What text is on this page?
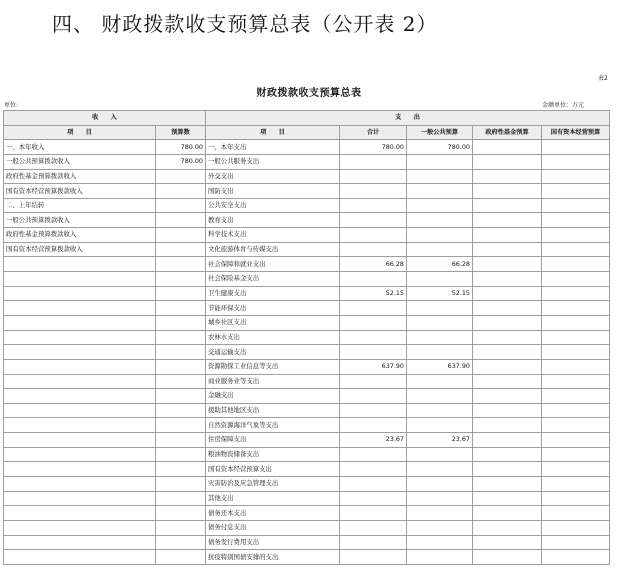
四、 财政拨款收支预算总表（公开表 2）
表2
财政拨款收支预算总表
单位:	金额单位：万元
收　　入		支　　出				
项　　目	预算数	项　　目	合计	一般公共预算	政府性基金预算	国有资本经营预算
一、本年收入	780.00	一、本年支出	780.00	780.00		
一般公共预算拨款收入	780.00	一般公共服务支出				
政府性基金预算拨款收入		外交支出				
国有资本经营预算拨款收入		国防支出				
二、上年结转		公共安全支出				
一般公共预算拨款收入		教育支出				
政府性基金预算拨款收入		科学技术支出				
国有资本经营预算拨款收入		文化旅游体育与传媒支出				
		社会保障和就业支出	66.28	66.28		
		社会保险基金支出				
		卫生健康支出	52.15	52.15		
		节能环保支出				
		城乡社区支出				
		农林水支出				
		交通运输支出				
		资源勘探工业信息等支出	637.90	637.90		
		商业服务业等支出				
		金融支出				
		援助其他地区支出				
		自然资源海洋气象等支出				
		住房保障支出	23.67	23.67		
		粮油物资储备支出				
		国有资本经营预算支出				
		灾害防治及应急管理支出				
		其他支出				
		债务还本支出				
		债务付息支出				
		债务发行费用支出				
		抗疫特别国债安排的支出				
